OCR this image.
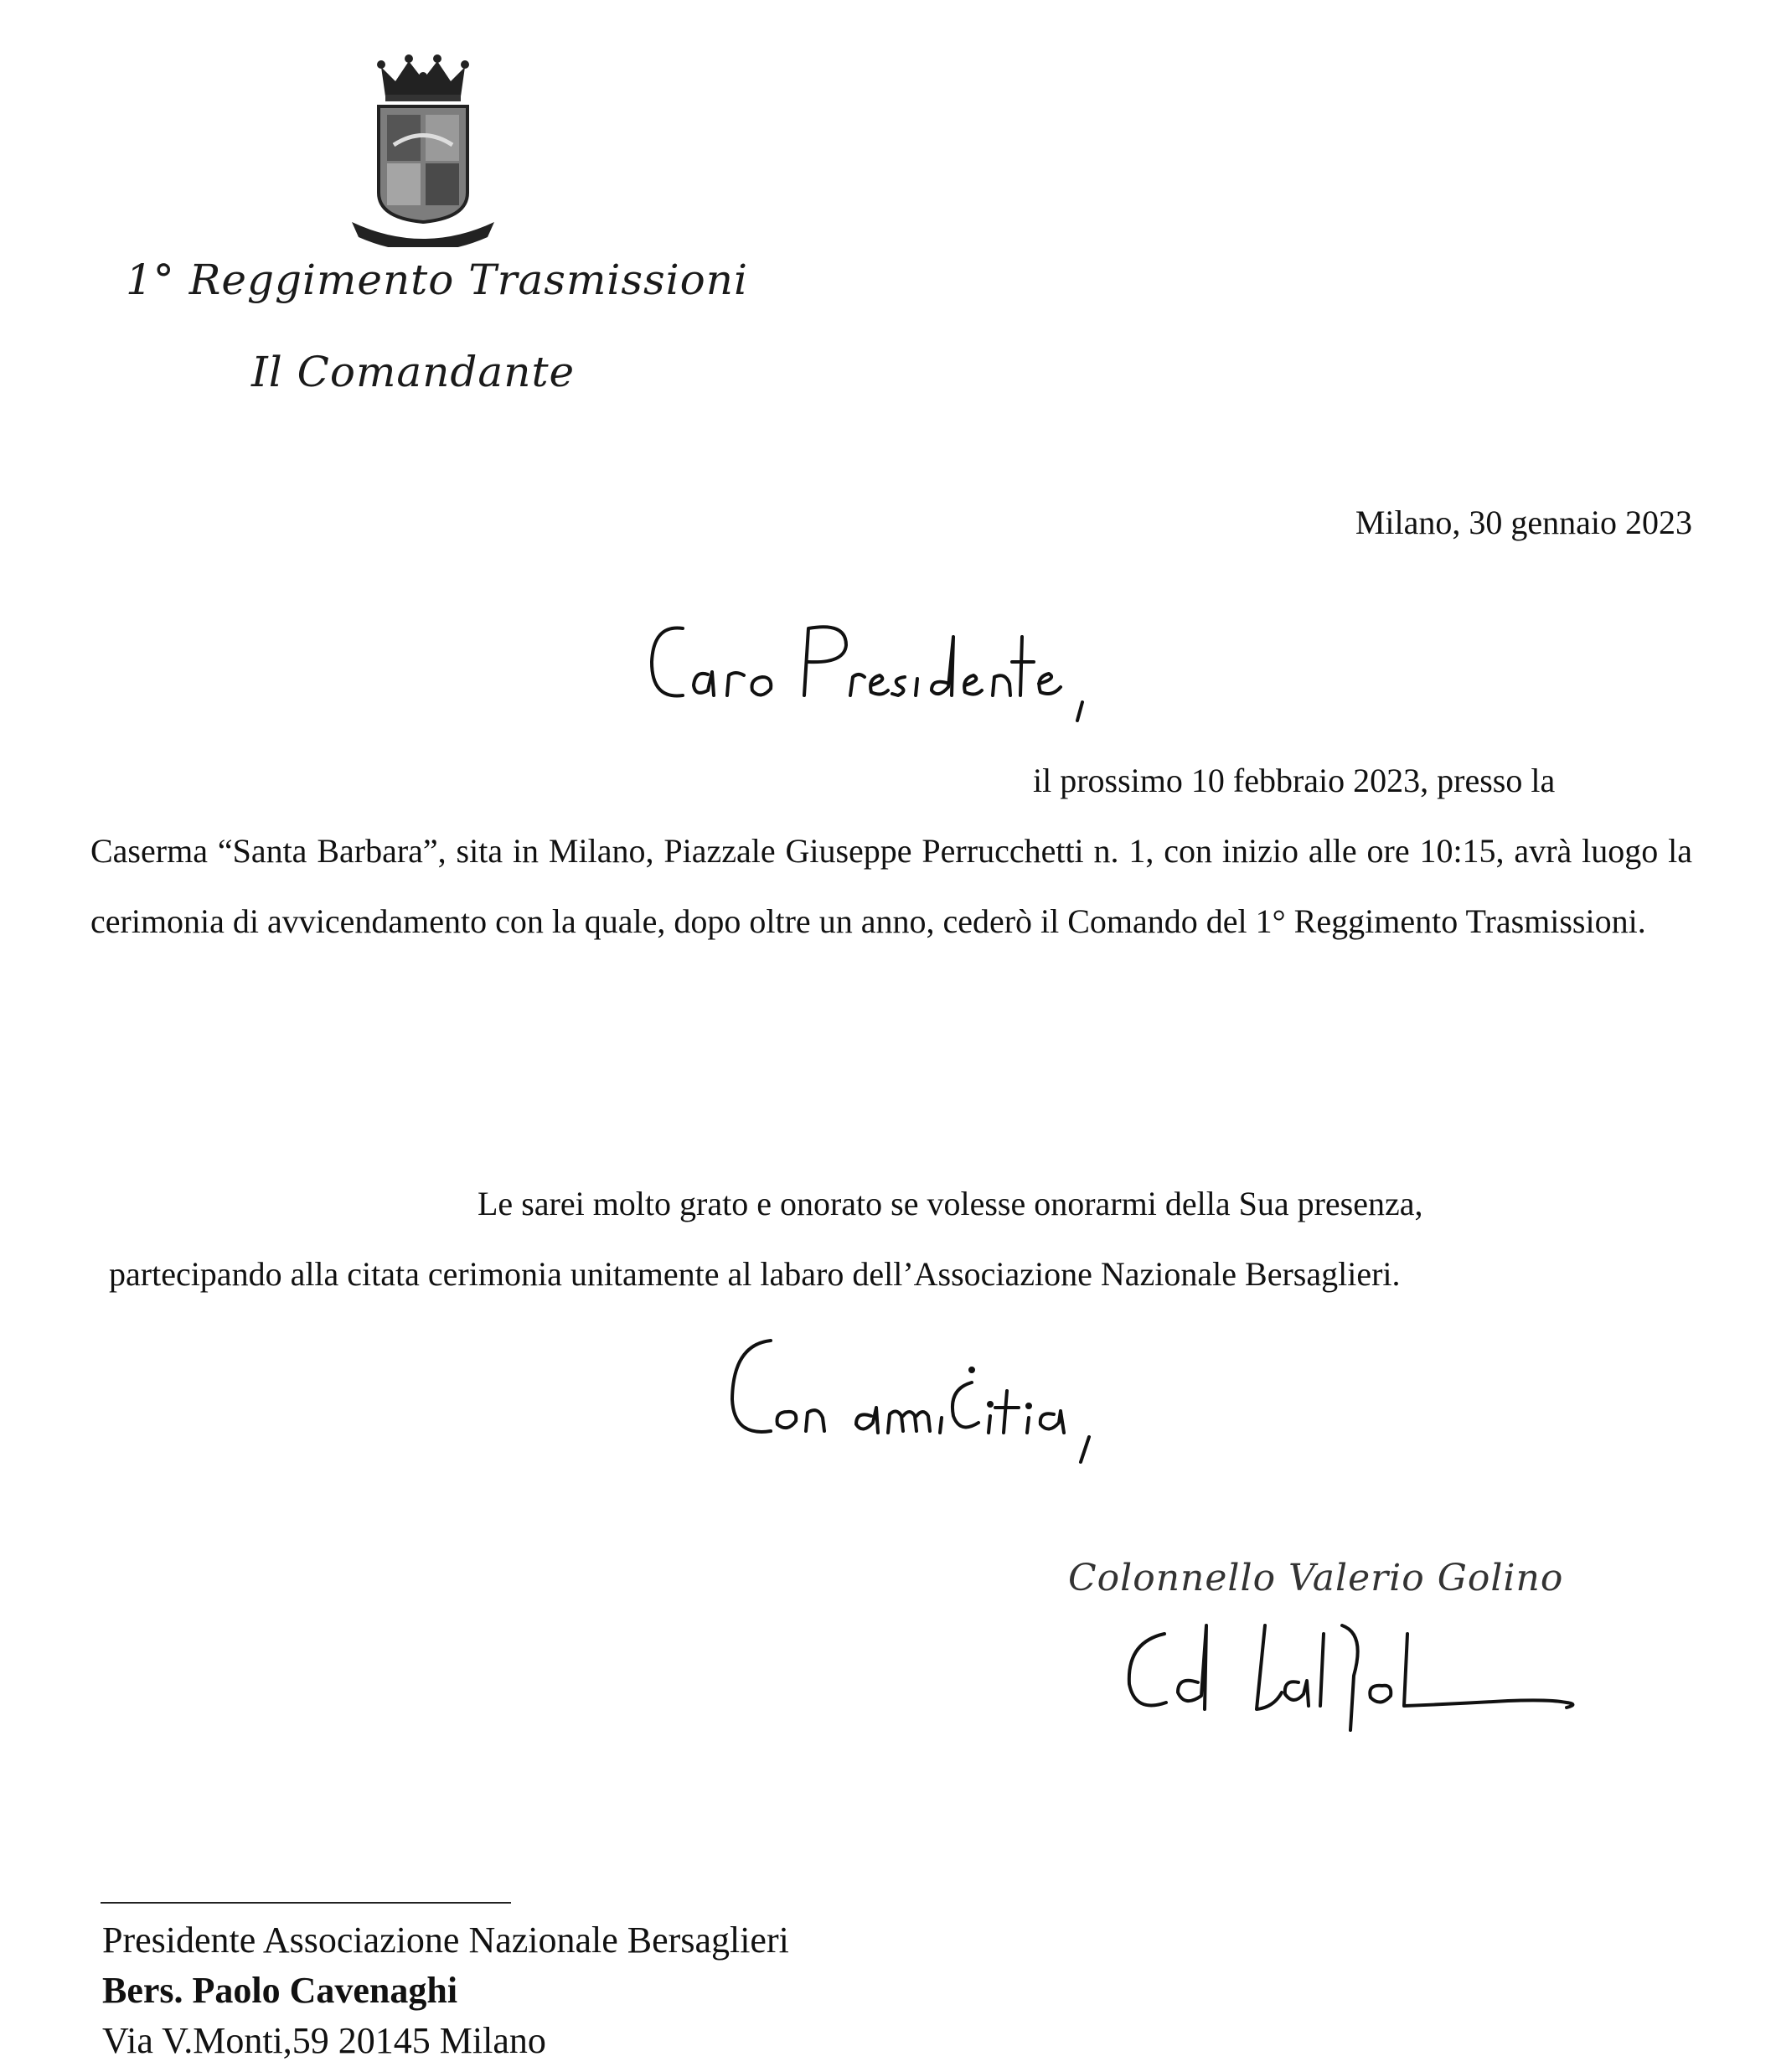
1° Reggimento Trasmissioni
Il Comandante
Milano, 30 gennaio 2023
il prossimo 10 febbraio 2023, presso la
Caserma “Santa Barbara”, sita in Milano, Piazzale Giuseppe Perrucchetti n. 1, con inizio alle ore 10:15, avrà luogo la cerimonia di avvicendamento con la quale, dopo oltre un anno, cederò il Comando del 1° Reggimento Trasmissioni.
Le sarei molto grato e onorato se volesse onorarmi della Sua presenza,
partecipando alla citata cerimonia unitamente al labaro dell’Associazione Nazionale Bersaglieri.
Colonnello Valerio Golino
Presidente Associazione Nazionale Bersaglieri
Bers. Paolo Cavenaghi
Via V.Monti,59 20145 Milano
